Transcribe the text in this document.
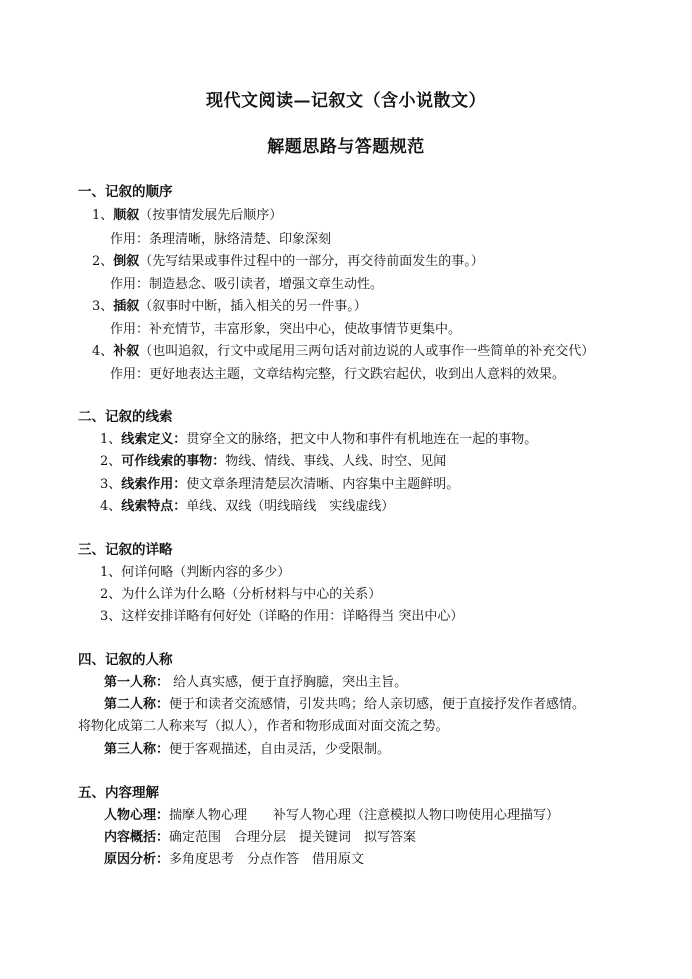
现代文阅读—记叙文（含小说散文）
解题思路与答题规范
一、记叙的顺序
1、顺叙（按事情发展先后顺序）
作用：条理清晰，脉络清楚、印象深刻
2、倒叙（先写结果或事件过程中的一部分，再交待前面发生的事。）
作用：制造悬念、吸引读者，增强文章生动性。
3、插叙（叙事时中断，插入相关的另一件事。）
作用：补充情节，丰富形象，突出中心，使故事情节更集中。
4、补叙（也叫追叙，行文中或尾用三两句话对前边说的人或事作一些简单的补充交代）
作用：更好地表达主题，文章结构完整，行文跌宕起伏，收到出人意料的效果。
二、记叙的线索
1、线索定义：贯穿全文的脉络，把文中人物和事件有机地连在一起的事物。
2、可作线索的事物：物线、情线、事线、人线、时空、见闻
3、线索作用：使文章条理清楚层次清晰、内容集中主题鲜明。
4、线索特点：单线、双线（明线暗线　实线虚线）
三、记叙的详略
1、何详何略（判断内容的多少）
2、为什么详为什么略（分析材料与中心的关系）
3、这样安排详略有何好处（详略的作用：详略得当 突出中心）
四、记叙的人称
第一人称： 给人真实感，便于直抒胸臆，突出主旨。
第二人称：便于和读者交流感情，引发共鸣；给人亲切感，便于直接抒发作者感情。
将物化成第二人称来写（拟人），作者和物形成面对面交流之势。
第三人称：便于客观描述，自由灵活，少受限制。
五、内容理解
人物心理：揣摩人物心理　　补写人物心理（注意模拟人物口吻使用心理描写）
内容概括：确定范围　合理分层　提关键词　拟写答案
原因分析：多角度思考　分点作答　借用原文
